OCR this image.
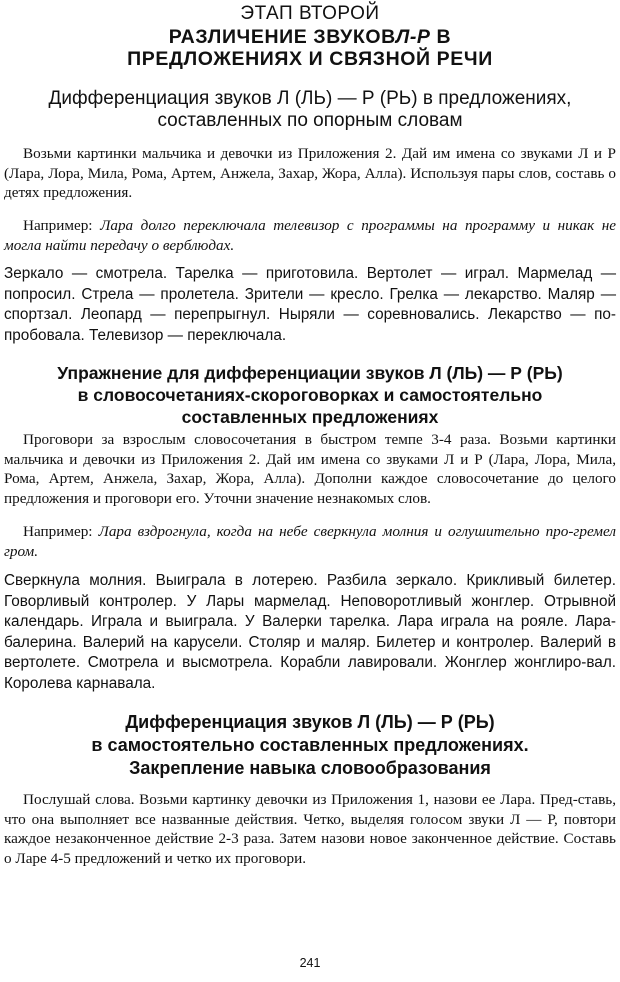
ЭТАП ВТОРОЙ
РАЗЛИЧЕНИЕ ЗВУКОВЛ-Р В
ПРЕДЛОЖЕНИЯХ И СВЯЗНОЙ РЕЧИ
Дифференциация звуков Л (ЛЬ) — Р (РЬ) в предложениях,
составленных по опорным словам
Возьми картинки мальчика и девочки из Приложения 2. Дай им имена со звуками Л и Р (Лара, Лора, Мила, Рома, Артем, Анжела, Захар, Жора, Алла). Используя пары слов, составь о детях предложения.
Например: Лара долго переключала телевизор с программы на программу и никак не могла найти передачу о верблюдах.
Зеркало — смотрела. Тарелка — приготовила. Вертолет — играл. Мармелад — попросил. Стрела — пролетела. Зрители — кресло. Грелка — лекарство. Маляр — спортзал. Леопард — перепрыгнул. Ныряли — соревновались. Лекарство — по-пробовала. Телевизор — переключала.
Упражнение для дифференциации звуков Л (ЛЬ) — Р (РЬ)
в словосочетаниях-скороговорках и самостоятельно
составленных предложениях
Проговори за взрослым словосочетания в быстром темпе 3-4 раза. Возьми картинки мальчика и девочки из Приложения 2. Дай им имена со звуками Л и Р (Лара, Лора, Мила, Рома, Артем, Анжела, Захар, Жора, Алла). Дополни каждое словосочетание до целого предложения и проговори его. Уточни значение незнакомых слов.
Например: Лара вздрогнула, когда на небе сверкнула молния и оглушительно про-гремел гром.
Сверкнула молния. Выиграла в лотерею. Разбила зеркало. Крикливый билетер. Говорливый контролер. У Лары мармелад. Неповоротливый жонглер. Отрывной календарь. Играла и выиграла. У Валерки тарелка. Лара играла на рояле. Лара-балерина. Валерий на карусели. Столяр и маляр. Билетер и контролер. Валерий в вертолете. Смотрела и высмотрела. Корабли лавировали. Жонглер жонглиро-вал. Королева карнавала.
Дифференциация звуков Л (ЛЬ) — Р (РЬ)
в самостоятельно составленных предложениях.
Закрепление навыка словообразования
Послушай слова. Возьми картинку девочки из Приложения 1, назови ее Лара. Пред-ставь, что она выполняет все названные действия. Четко, выделяя голосом звуки Л — Р, повтори каждое незаконченное действие 2-3 раза. Затем назови новое законченное действие. Составь о Ларе 4-5 предложений и четко их проговори.
241
